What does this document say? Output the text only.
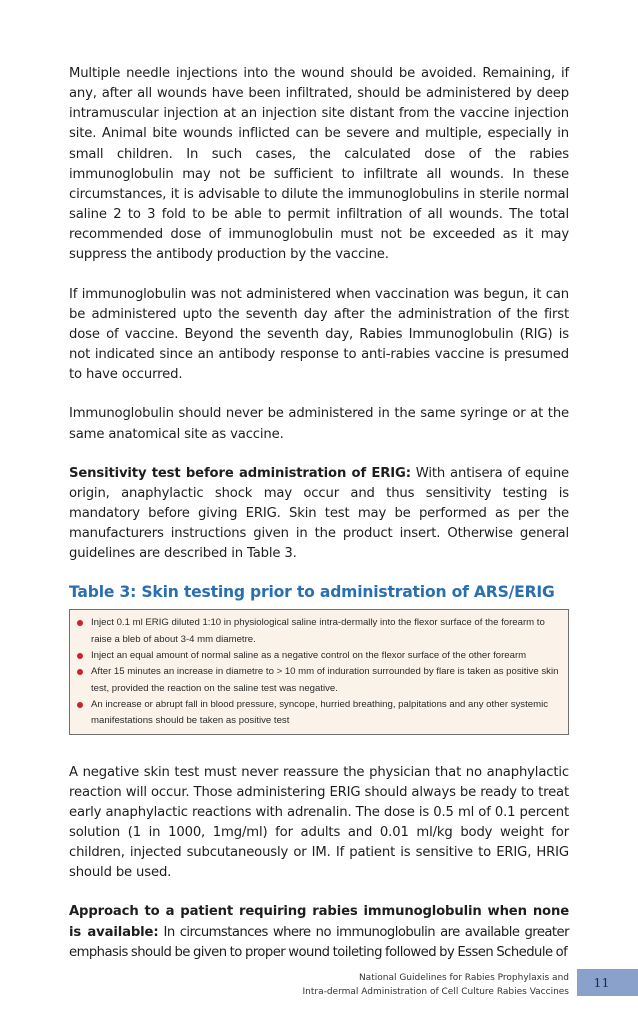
Multiple needle injections into the wound should be avoided. Remaining, if any, after all wounds have been infiltrated, should be administered by deep intramuscular injection at an injection site distant from the vaccine injection site. Animal bite wounds inflicted can be severe and multiple, especially in small children. In such cases, the calculated dose of the rabies immunoglobulin may not be sufficient to infiltrate all wounds. In these circumstances, it is advisable to dilute the immunoglobulins in sterile normal saline 2 to 3 fold to be able to permit infiltration of all wounds. The total recommended dose of immunoglobulin must not be exceeded as it may suppress the antibody production by the vaccine.

If immunoglobulin was not administered when vaccination was begun, it can be administered upto the seventh day after the administration of the first dose of vaccine. Beyond the seventh day, Rabies Immunoglobulin (RIG) is not indicated since an antibody response to anti-rabies vaccine is presumed to have occurred.

Immunoglobulin should never be administered in the same syringe or at the same anatomical site as vaccine.

Sensitivity test before administration of ERIG: With antisera of equine origin, anaphylactic shock may occur and thus sensitivity testing is mandatory before giving ERIG. Skin test may be performed as per the manufacturers instructions given in the product insert. Otherwise general guidelines are described in Table 3.

Table 3: Skin testing prior to administration of ARS/ERIG
Inject 0.1 ml ERIG diluted 1:10 in physiological saline intra-dermally into the flexor surface of the forearm to raise a bleb of about 3-4 mm diametre.
Inject an equal amount of normal saline as a negative control on the flexor surface of the other forearm
After 15 minutes an increase in diametre to > 10 mm of induration surrounded by flare is taken as positive skin test, provided the reaction on the saline test was negative.
An increase or abrupt fall in blood pressure, syncope, hurried breathing, palpitations and any other systemic manifestations should be taken as positive test

A negative skin test must never reassure the physician that no anaphylactic reaction will occur. Those administering ERIG should always be ready to treat early anaphylactic reactions with adrenalin. The dose is 0.5 ml of 0.1 percent solution (1 in 1000, 1mg/ml) for adults and 0.01 ml/kg body weight for children, injected subcutaneously or IM. If patient is sensitive to ERIG, HRIG should be used.

Approach to a patient requiring rabies immunoglobulin when none is available: In circumstances where no immunoglobulin are available greater emphasis should be given to proper wound toileting followed by Essen Schedule of

National Guidelines for Rabies Prophylaxis and
Intra-dermal Administration of Cell Culture Rabies Vaccines
11
